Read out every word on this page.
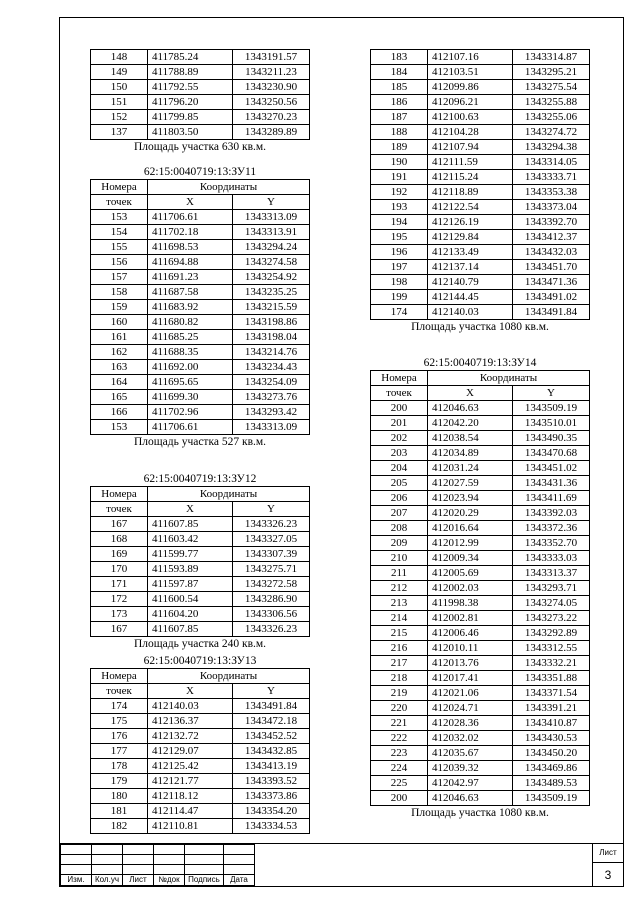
148	411785.24	1343191.57
149	411788.89	1343211.23
150	411792.55	1343230.90
151	411796.20	1343250.56
152	411799.85	1343270.23
137	411803.50	1343289.89
Площадь участка 630 кв.м.
62:15:0040719:13:ЗУ11
Номера	Координаты	
точек	X	Y
153	411706.61	1343313.09
154	411702.18	1343313.91
155	411698.53	1343294.24
156	411694.88	1343274.58
157	411691.23	1343254.92
158	411687.58	1343235.25
159	411683.92	1343215.59
160	411680.82	1343198.86
161	411685.25	1343198.04
162	411688.35	1343214.76
163	411692.00	1343234.43
164	411695.65	1343254.09
165	411699.30	1343273.76
166	411702.96	1343293.42
153	411706.61	1343313.09
Площадь участка 527 кв.м.
62:15:0040719:13:ЗУ12
Номера	Координаты	
точек	X	Y
167	411607.85	1343326.23
168	411603.42	1343327.05
169	411599.77	1343307.39
170	411593.89	1343275.71
171	411597.87	1343272.58
172	411600.54	1343286.90
173	411604.20	1343306.56
167	411607.85	1343326.23
Площадь участка 240 кв.м.
62:15:0040719:13:ЗУ13
Номера	Координаты	
точек	X	Y
174	412140.03	1343491.84
175	412136.37	1343472.18
176	412132.72	1343452.52
177	412129.07	1343432.85
178	412125.42	1343413.19
179	412121.77	1343393.52
180	412118.12	1343373.86
181	412114.47	1343354.20
182	412110.81	1343334.53
183	412107.16	1343314.87
184	412103.51	1343295.21
185	412099.86	1343275.54
186	412096.21	1343255.88
187	412100.63	1343255.06
188	412104.28	1343274.72
189	412107.94	1343294.38
190	412111.59	1343314.05
191	412115.24	1343333.71
192	412118.89	1343353.38
193	412122.54	1343373.04
194	412126.19	1343392.70
195	412129.84	1343412.37
196	412133.49	1343432.03
197	412137.14	1343451.70
198	412140.79	1343471.36
199	412144.45	1343491.02
174	412140.03	1343491.84
Площадь участка 1080 кв.м.
62:15:0040719:13:ЗУ14
Номера	Координаты	
точек	X	Y
200	412046.63	1343509.19
201	412042.20	1343510.01
202	412038.54	1343490.35
203	412034.89	1343470.68
204	412031.24	1343451.02
205	412027.59	1343431.36
206	412023.94	1343411.69
207	412020.29	1343392.03
208	412016.64	1343372.36
209	412012.99	1343352.70
210	412009.34	1343333.03
211	412005.69	1343313.37
212	412002.03	1343293.71
213	411998.38	1343274.05
214	412002.81	1343273.22
215	412006.46	1343292.89
216	412010.11	1343312.55
217	412013.76	1343332.21
218	412017.41	1343351.88
219	412021.06	1343371.54
220	412024.71	1343391.21
221	412028.36	1343410.87
222	412032.02	1343430.53
223	412035.67	1343450.20
224	412039.32	1343469.86
225	412042.97	1343489.53
200	412046.63	1343509.19
Площадь участка 1080 кв.м.

Изм.	Кол.уч	Лист	№док	Подпись	Дата
Лист
3
